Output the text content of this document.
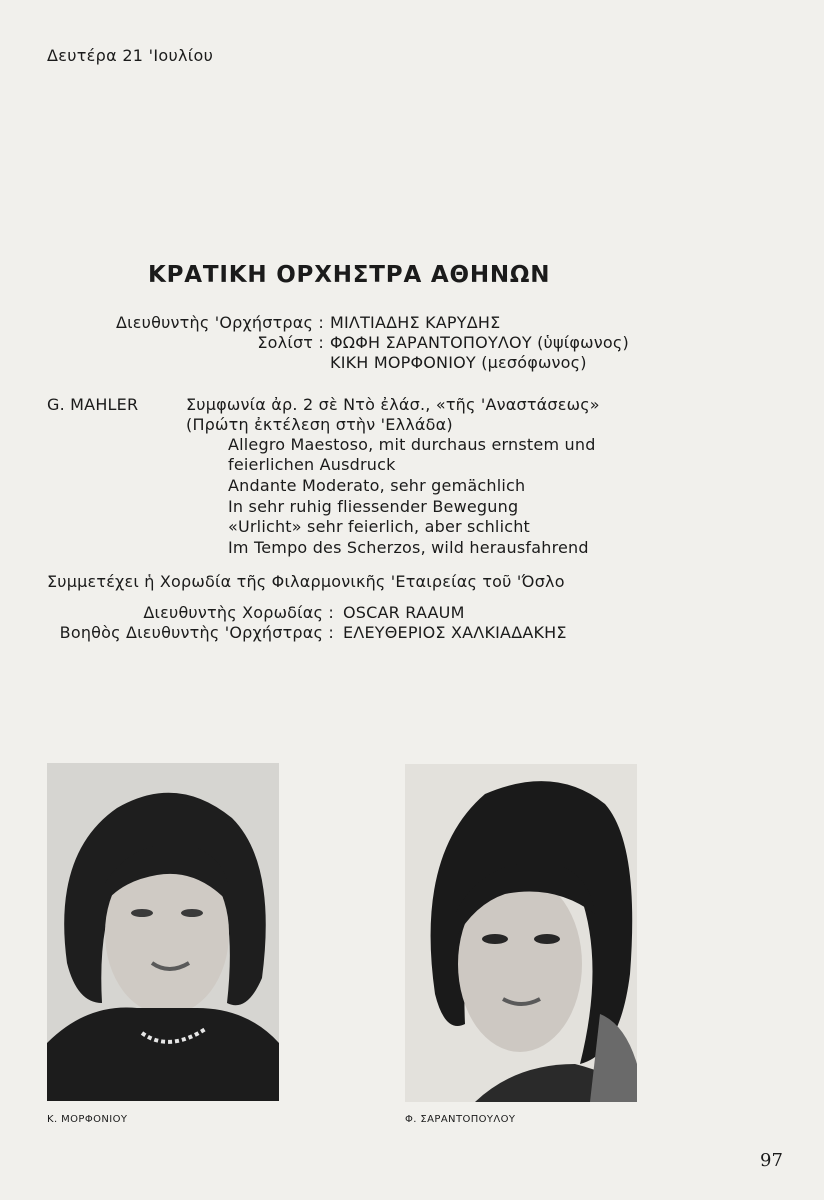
Δευτέρα 21 'Ιουλίου
ΚΡΑΤΙΚΗ ΟΡΧΗΣΤΡΑ ΑΘΗΝΩΝ
Διευθυντὴς 'Ορχήστρας : ΜΙΛΤΙΑΔΗΣ ΚΑΡΥΔΗΣ
Σολίστ : ΦΩΦΗ ΣΑΡΑΝΤΟΠΟΥΛΟΥ (ὑψίφωνος)
ΚΙΚΗ ΜΟΡΦΟΝΙΟΥ (μεσόφωνος)
G. MAHLER	Συμφωνία ἀρ. 2 σὲ Ντὸ ἐλάσ., «τῆς 'Αναστάσεως»
(Πρώτη ἐκτέλεση στὴν 'Ελλάδα)
Allegro Maestoso, mit durchaus ernstem und
feierlichen Ausdruck
Andante Moderato, sehr gemächlich
In sehr ruhig fliessender Bewegung
«Urlicht» sehr feierlich, aber schlicht
Im Tempo des Scherzos, wild herausfahrend
Συμμετέχει ἡ Χορωδία τῆς Φιλαρμονικῆς 'Εταιρείας τοῦ 'Όσλο
Διευθυντὴς Χορωδίας : OSCAR RAAUM
Βοηθὸς Διευθυντὴς 'Ορχήστρας : ΕΛΕΥΘΕΡΙΟΣ ΧΑΛΚΙΑΔΑΚΗΣ
Κ. ΜΟΡΦΟΝΙΟΥ	Φ. ΣΑΡΑΝΤΟΠΟΥΛΟΥ
97
